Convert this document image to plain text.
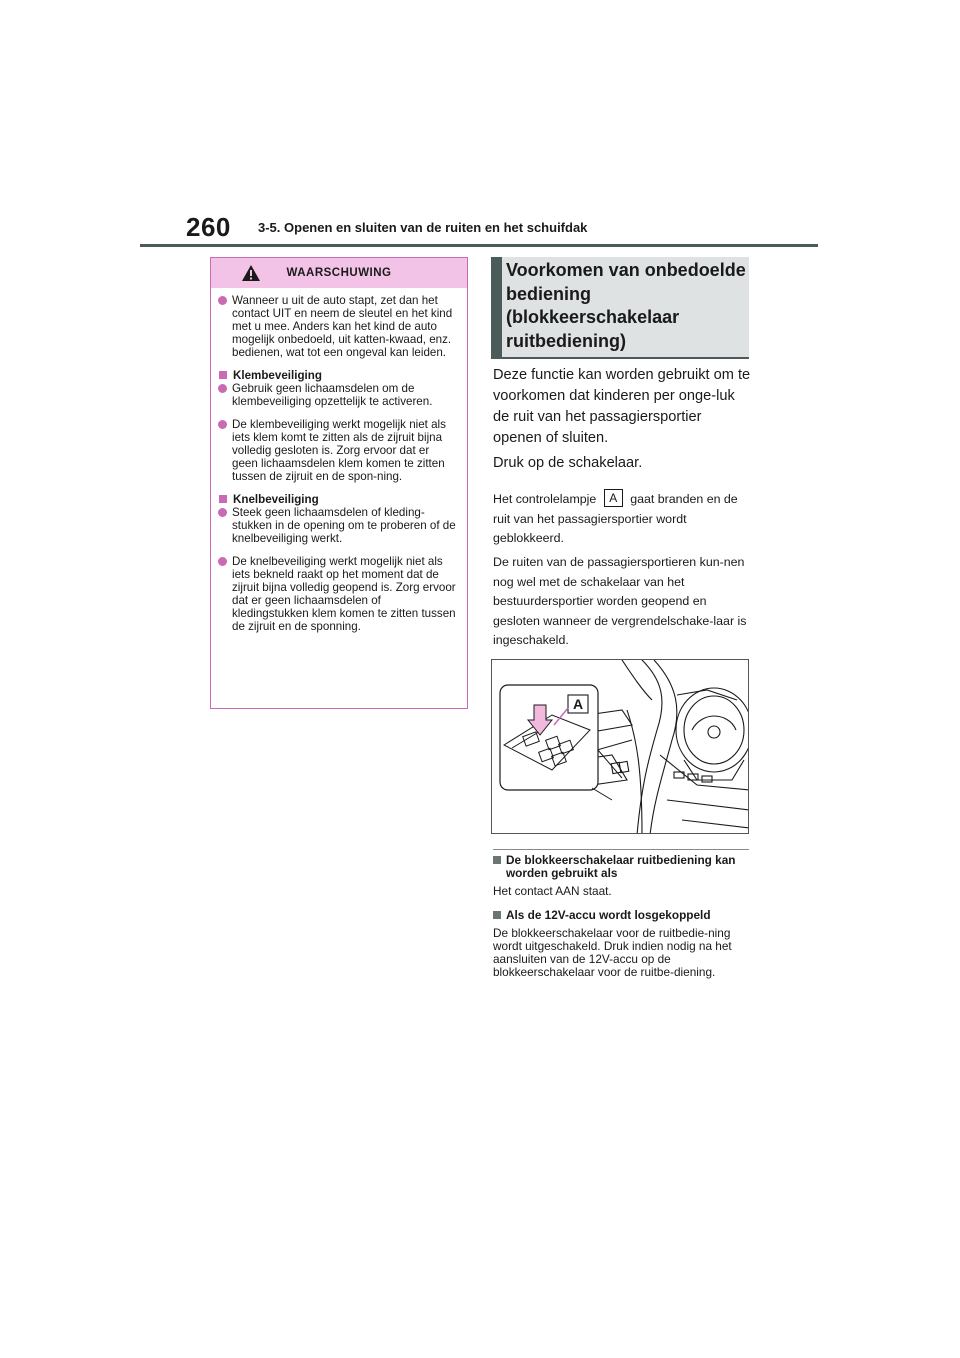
260 3-5. Openen en sluiten van de ruiten en het schuifdak
WAARSCHUWING
Wanneer u uit de auto stapt, zet dan het contact UIT en neem de sleutel en het kind met u mee. Anders kan het kind de auto mogelijk onbedoeld, uit katten-kwaad, enz. bedienen, wat tot een ongeval kan leiden.
Klembeveiliging
Gebruik geen lichaamsdelen om de klembeveiliging opzettelijk te activeren.
De klembeveiliging werkt mogelijk niet als iets klem komt te zitten als de zijruit bijna volledig gesloten is. Zorg ervoor dat er geen lichaamsdelen klem komen te zitten tussen de zijruit en de spon-ning.
Knelbeveiliging
Steek geen lichaamsdelen of kleding-stukken in de opening om te proberen of de knelbeveiliging werkt.
De knelbeveiliging werkt mogelijk niet als iets bekneld raakt op het moment dat de zijruit bijna volledig geopend is. Zorg ervoor dat er geen lichaamsdelen of kledingstukken klem komen te zitten tussen de zijruit en de sponning.
Voorkomen van onbedoelde bediening (blokkeerschakelaar ruitbediening)
Deze functie kan worden gebruikt om te voorkomen dat kinderen per onge-luk de ruit van het passagiersportier openen of sluiten.
Druk op de schakelaar.
Het controlelampje A gaat branden en de ruit van het passagiersportier wordt geblokkeerd.
De ruiten van de passagiersportieren kun-nen nog wel met de schakelaar van het bestuurdersportier worden geopend en gesloten wanneer de vergrendelschake-laar is ingeschakeld.
A
De blokkeerschakelaar ruitbediening kan worden gebruikt als
Het contact AAN staat.
Als de 12V-accu wordt losgekoppeld
De blokkeerschakelaar voor de ruitbedie-ning wordt uitgeschakeld. Druk indien nodig na het aansluiten van de 12V-accu op de blokkeerschakelaar voor de ruitbe-diening.
